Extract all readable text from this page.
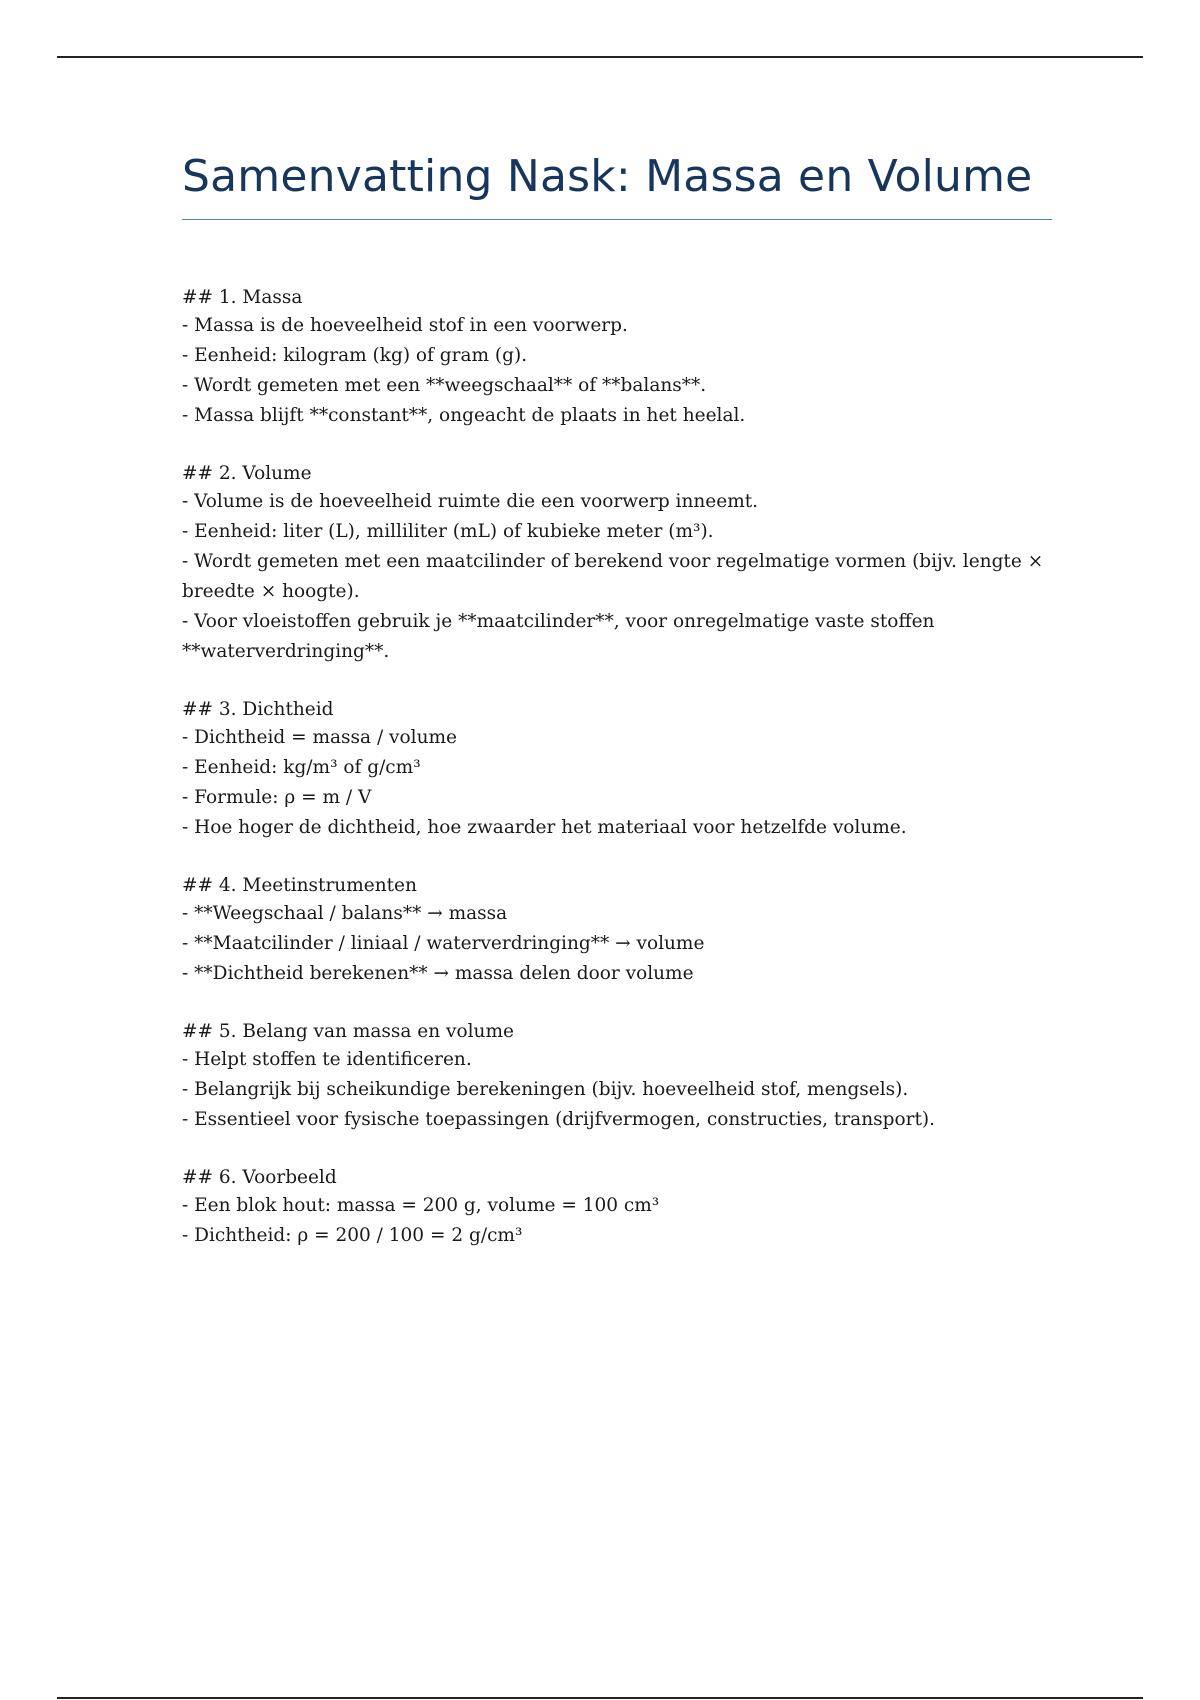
Samenvatting Nask: Massa en Volume

## 1. Massa

- Massa is de hoeveelheid stof in een voorwerp.

- Eenheid: kilogram (kg) of gram (g).

- Wordt gemeten met een **weegschaal** of **balans**.

- Massa blijft **constant**, ongeacht de plaats in het heelal.

## 2. Volume

- Volume is de hoeveelheid ruimte die een voorwerp inneemt.

- Eenheid: liter (L), milliliter (mL) of kubieke meter (m³).

- Wordt gemeten met een maatcilinder of berekend voor regelmatige vormen (bijv. lengte × breedte × hoogte).

- Voor vloeistoffen gebruik je **maatcilinder**, voor onregelmatige vaste stoffen **waterverdringing**.

## 3. Dichtheid

- Dichtheid = massa / volume

- Eenheid: kg/m³ of g/cm³

- Formule: ρ = m / V

- Hoe hoger de dichtheid, hoe zwaarder het materiaal voor hetzelfde volume.

## 4. Meetinstrumenten

- **Weegschaal / balans** → massa

- **Maatcilinder / liniaal / waterverdringing** → volume

- **Dichtheid berekenen** → massa delen door volume

## 5. Belang van massa en volume

- Helpt stoffen te identificeren.

- Belangrijk bij scheikundige berekeningen (bijv. hoeveelheid stof, mengsels).

- Essentieel voor fysische toepassingen (drijfvermogen, constructies, transport).

## 6. Voorbeeld

- Een blok hout: massa = 200 g, volume = 100 cm³

- Dichtheid: ρ = 200 / 100 = 2 g/cm³
